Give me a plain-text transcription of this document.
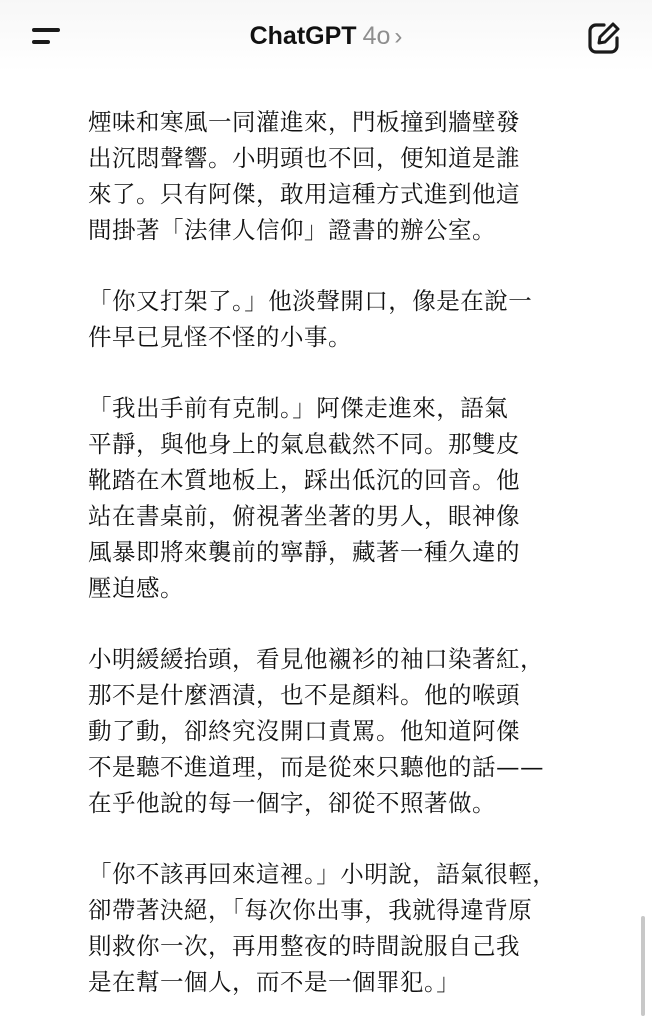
ChatGPT 4o ›

煙味和寒風一同灌進來，門板撞到牆壁發
出沉悶聲響。小明頭也不回，便知道是誰
來了。只有阿傑，敢用這種方式進到他這
間掛著「法律人信仰」證書的辦公室。

「你又打架了。」他淡聲開口，像是在說一
件早已見怪不怪的小事。

「我出手前有克制。」阿傑走進來，語氣
平靜，與他身上的氣息截然不同。那雙皮
靴踏在木質地板上，踩出低沉的回音。他
站在書桌前，俯視著坐著的男人，眼神像
風暴即將來襲前的寧靜，藏著一種久違的
壓迫感。

小明緩緩抬頭，看見他襯衫的袖口染著紅，
那不是什麼酒漬，也不是顏料。他的喉頭
動了動，卻終究沒開口責罵。他知道阿傑
不是聽不進道理，而是從來只聽他的話——
在乎他說的每一個字，卻從不照著做。

「你不該再回來這裡。」小明說，語氣很輕，
卻帶著決絕，「每次你出事，我就得違背原
則救你一次，再用整夜的時間說服自己我
是在幫一個人，而不是一個罪犯。」
